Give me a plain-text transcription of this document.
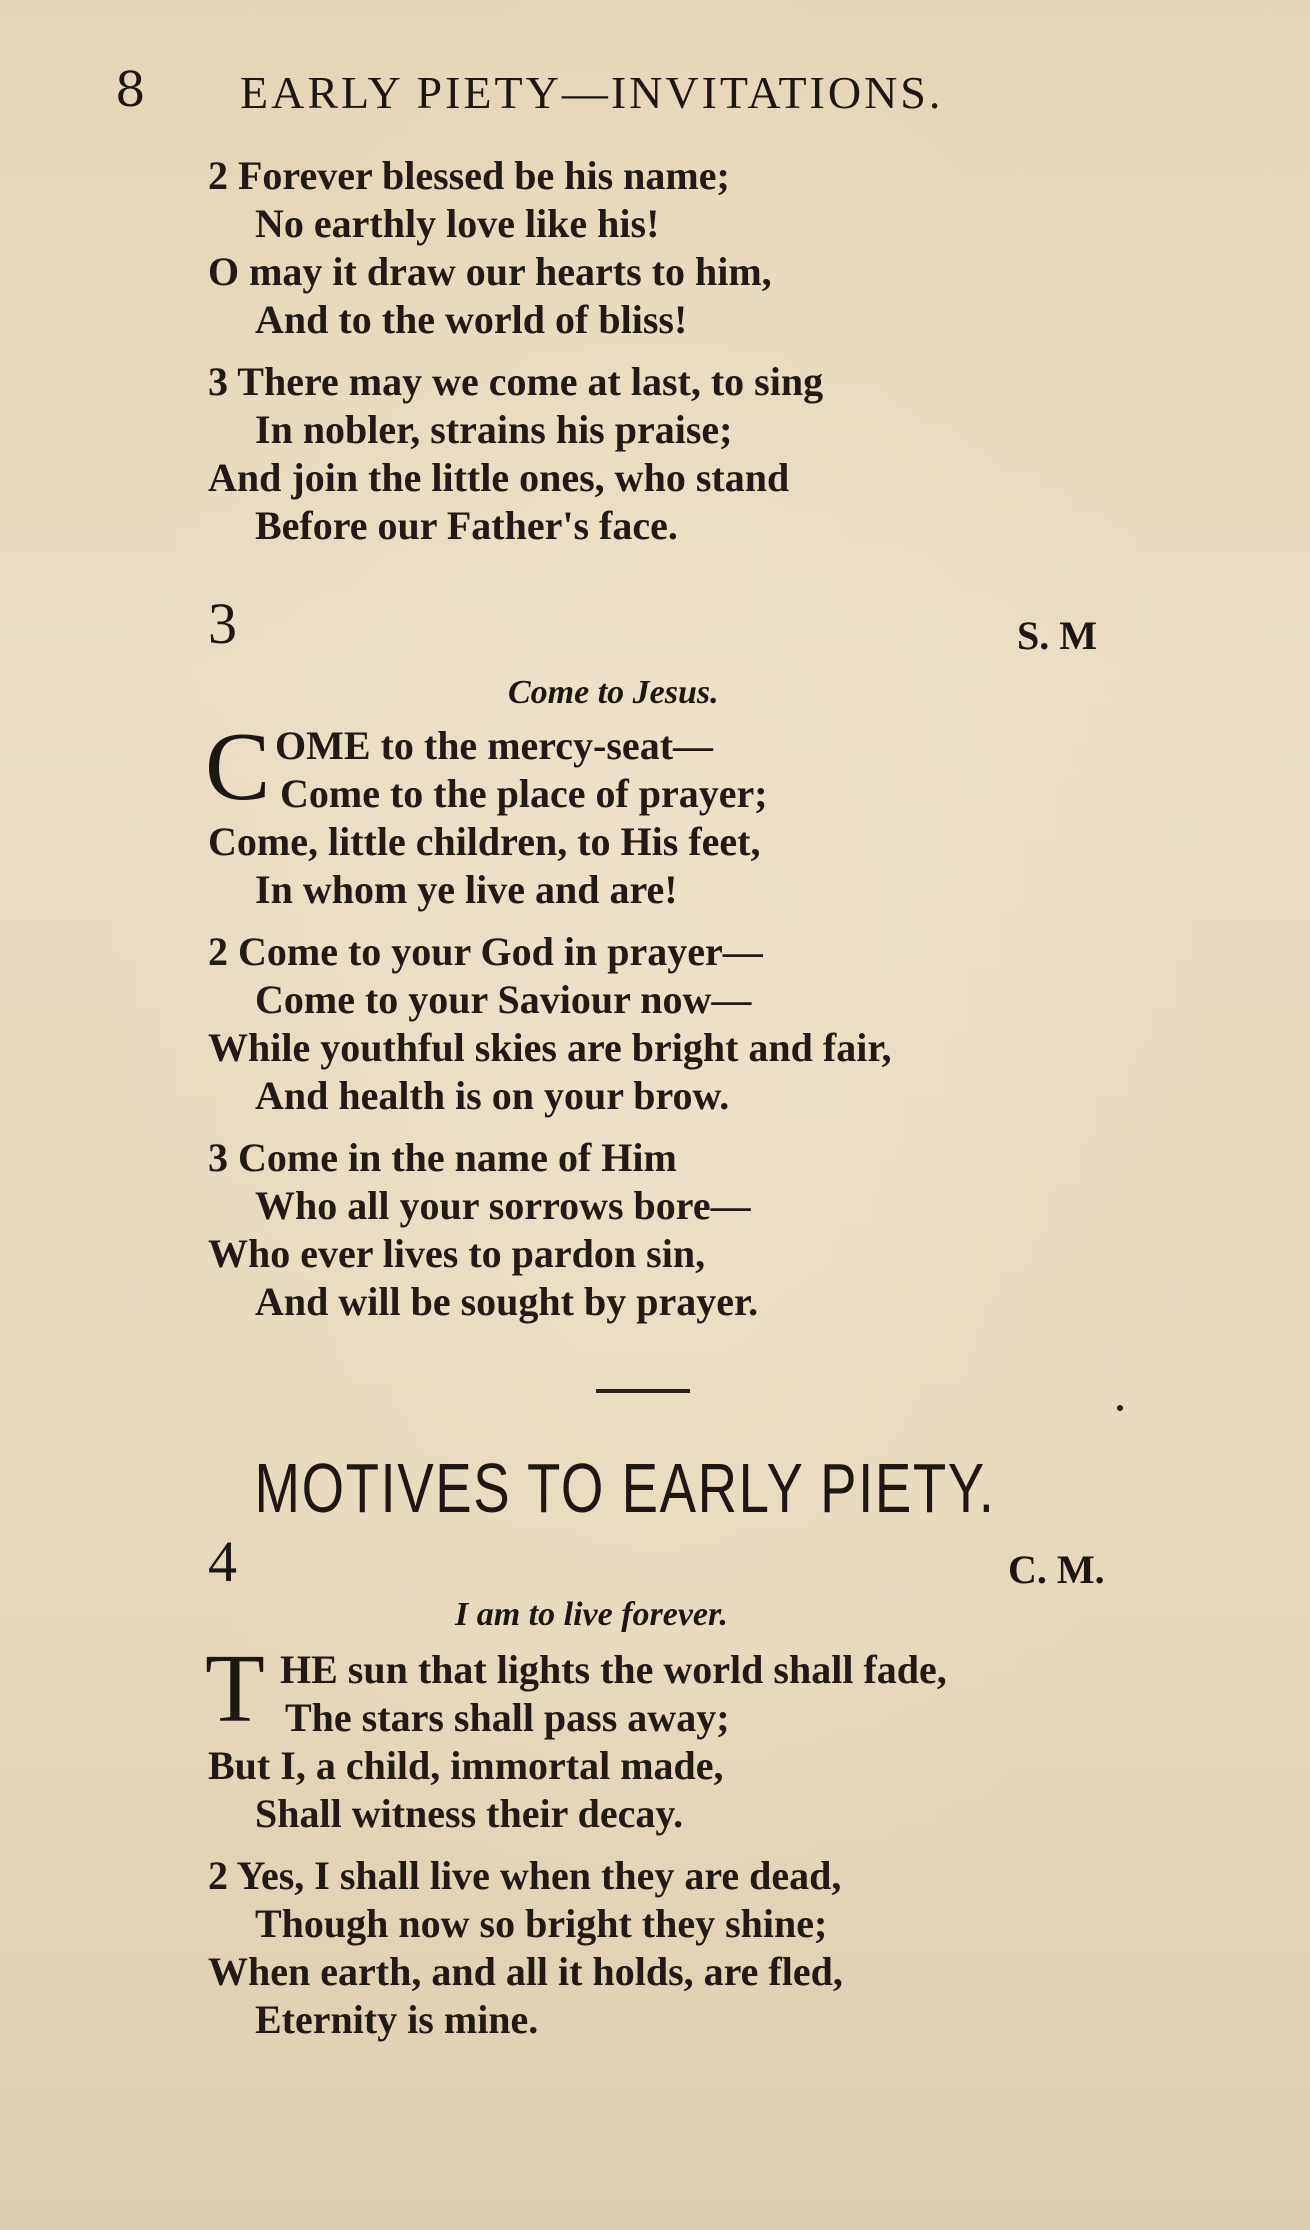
8 EARLY PIETY—INVITATIONS.
2 Forever blessed be his name;
No earthly love like his!
O may it draw our hearts to him,
And to the world of bliss!
3 There may we come at last, to sing
In nobler, strains his praise;
And join the little ones, who stand
Before our Father's face.
3	S. M
Come to Jesus.
C OME to the mercy-seat—
Come to the place of prayer;
Come, little children, to His feet,
In whom ye live and are!
2 Come to your God in prayer—
Come to your Saviour now—
While youthful skies are bright and fair,
And health is on your brow.
3 Come in the name of Him
Who all your sorrows bore—
Who ever lives to pardon sin,
And will be sought by prayer.
MOTIVES TO EARLY PIETY.
4	C. M.
I am to live forever.
T HE sun that lights the world shall fade,
The stars shall pass away;
But I, a child, immortal made,
Shall witness their decay.
2 Yes, I shall live when they are dead,
Though now so bright they shine;
When earth, and all it holds, are fled,
Eternity is mine.
